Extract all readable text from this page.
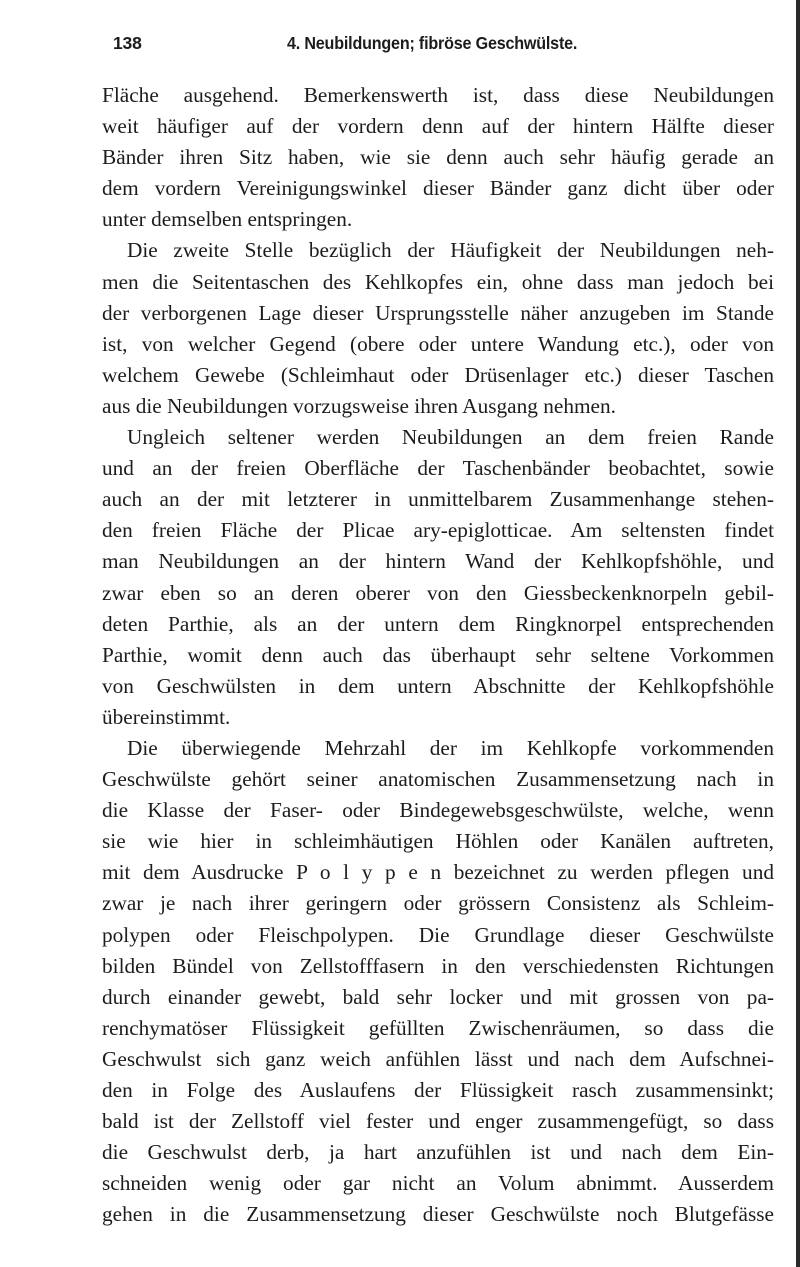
138	4. Neubildungen; fibröse Geschwülste.
Fläche ausgehend. Bemerkenswerth ist, dass diese Neubildungen
weit häufiger auf der vordern denn auf der hintern Hälfte dieser
Bänder ihren Sitz haben, wie sie denn auch sehr häufig gerade an
dem vordern Vereinigungswinkel dieser Bänder ganz dicht über oder
unter demselben entspringen.
Die zweite Stelle bezüglich der Häufigkeit der Neubildungen neh-
men die Seitentaschen des Kehlkopfes ein, ohne dass man jedoch bei
der verborgenen Lage dieser Ursprungsstelle näher anzugeben im Stande
ist, von welcher Gegend (obere oder untere Wandung etc.), oder von
welchem Gewebe (Schleimhaut oder Drüsenlager etc.) dieser Taschen
aus die Neubildungen vorzugsweise ihren Ausgang nehmen.
Ungleich seltener werden Neubildungen an dem freien Rande
und an der freien Oberfläche der Taschenbänder beobachtet, sowie
auch an der mit letzterer in unmittelbarem Zusammenhange stehen-
den freien Fläche der Plicae ary-epiglotticae. Am seltensten findet
man Neubildungen an der hintern Wand der Kehlkopfshöhle, und
zwar eben so an deren oberer von den Giessbeckenknorpeln gebil-
deten Parthie, als an der untern dem Ringknorpel entsprechenden
Parthie, womit denn auch das überhaupt sehr seltene Vorkommen
von Geschwülsten in dem untern Abschnitte der Kehlkopfshöhle
übereinstimmt.
Die überwiegende Mehrzahl der im Kehlkopfe vorkommenden
Geschwülste gehört seiner anatomischen Zusammensetzung nach in
die Klasse der Faser- oder Bindegewebsgeschwülste, welche, wenn
sie wie hier in schleimhäutigen Höhlen oder Kanälen auftreten,
mit dem Ausdrucke P o l y p e n bezeichnet zu werden pflegen und
zwar je nach ihrer geringern oder grössern Consistenz als Schleim-
polypen oder Fleischpolypen. Die Grundlage dieser Geschwülste
bilden Bündel von Zellstofffasern in den verschiedensten Richtungen
durch einander gewebt, bald sehr locker und mit grossen von pa-
renchymatöser Flüssigkeit gefüllten Zwischenräumen, so dass die
Geschwulst sich ganz weich anfühlen lässt und nach dem Aufschnei-
den in Folge des Auslaufens der Flüssigkeit rasch zusammensinkt;
bald ist der Zellstoff viel fester und enger zusammengefügt, so dass
die Geschwulst derb, ja hart anzufühlen ist und nach dem Ein-
schneiden wenig oder gar nicht an Volum abnimmt. Ausserdem
gehen in die Zusammensetzung dieser Geschwülste noch Blutgefässe
